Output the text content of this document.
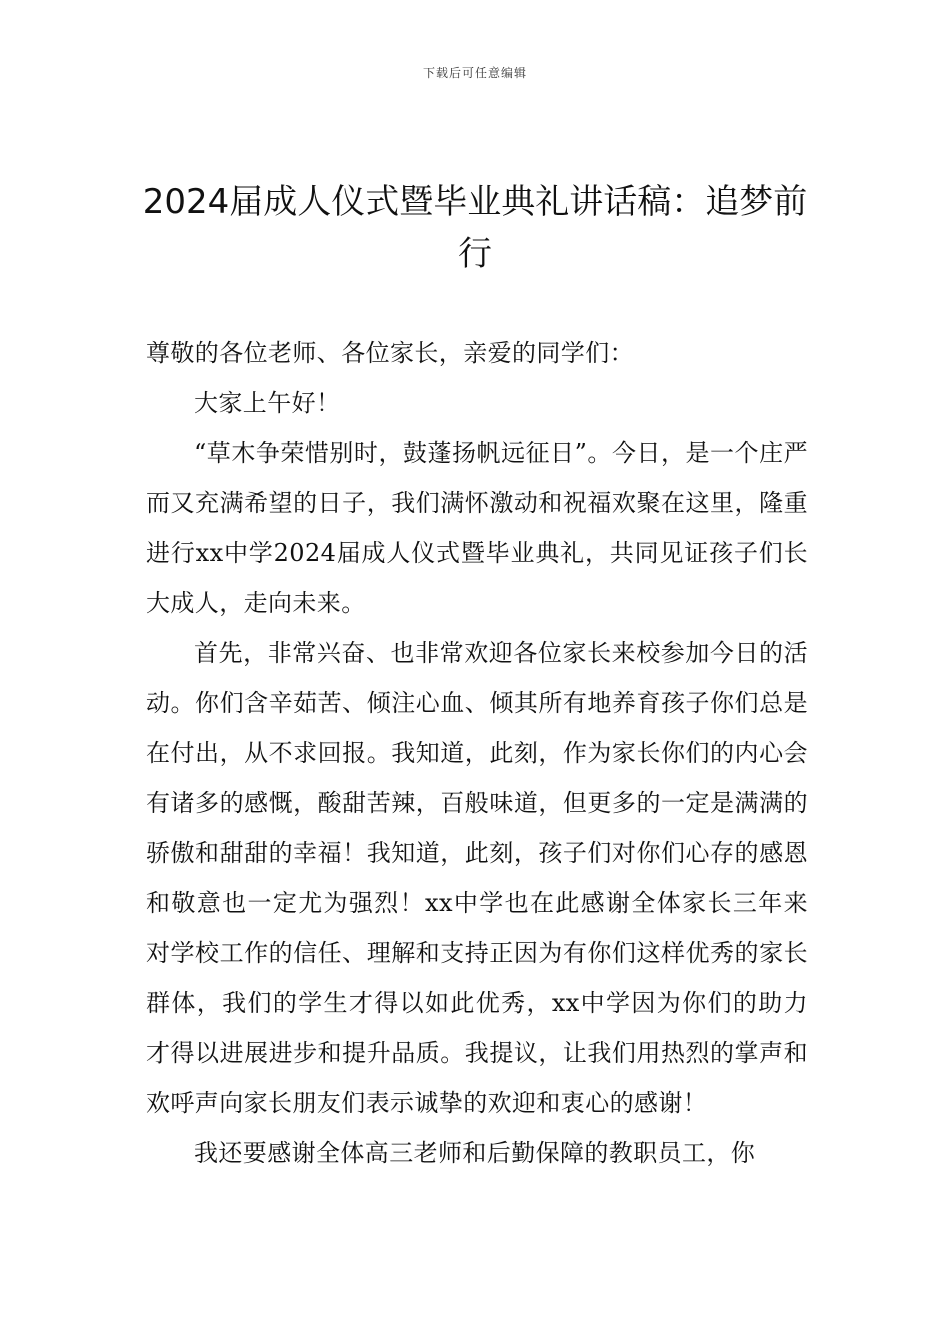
下载后可任意编辑
2024届成人仪式暨毕业典礼讲话稿：追梦前行

尊敬的各位老师、各位家长，亲爱的同学们：

大家上午好！

“草木争荣惜别时，鼓蓬扬帆远征日”。今日，是一个庄严而又充满希望的日子，我们满怀激动和祝福欢聚在这里，隆重进行xx中学2024届成人仪式暨毕业典礼，共同见证孩子们长大成人，走向未来。

首先，非常兴奋、也非常欢迎各位家长来校参加今日的活动。你们含辛茹苦、倾注心血、倾其所有地养育孩子你们总是在付出，从不求回报。我知道，此刻，作为家长你们的内心会有诸多的感慨，酸甜苦辣，百般味道，但更多的一定是满满的骄傲和甜甜的幸福！我知道，此刻，孩子们对你们心存的感恩和敬意也一定尤为强烈！xx中学也在此感谢全体家长三年来对学校工作的信任、理解和支持正因为有你们这样优秀的家长群体，我们的学生才得以如此优秀，xx中学因为你们的助力才得以进展进步和提升品质。我提议，让我们用热烈的掌声和欢呼声向家长朋友们表示诚挚的欢迎和衷心的感谢！

我还要感谢全体高三老师和后勤保障的教职员工，你
